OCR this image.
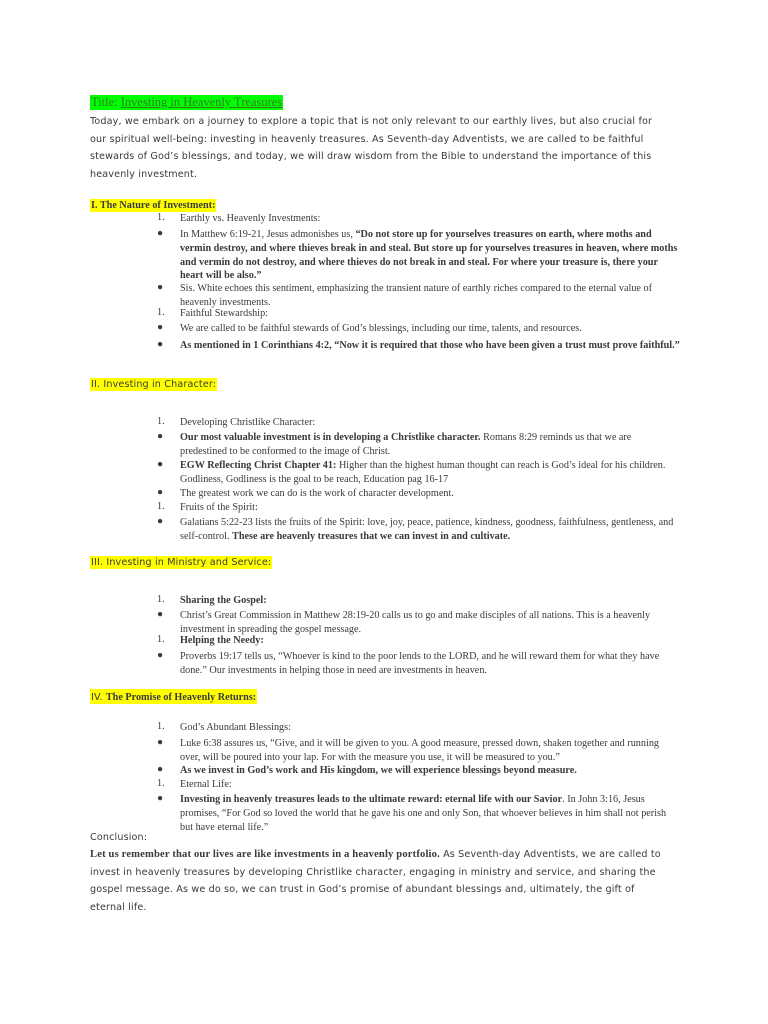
Title: Investing in Heavenly Treasures
Today, we embark on a journey to explore a topic that is not only relevant to our earthly lives, but also crucial for our spiritual well-being: investing in heavenly treasures. As Seventh-day Adventists, we are called to be faithful stewards of God’s blessings, and today, we will draw wisdom from the Bible to understand the importance of this heavenly investment.
I. The Nature of Investment:
1.	Earthly vs. Heavenly Investments:
●	In Matthew 6:19-21, Jesus admonishes us, “Do not store up for yourselves treasures on earth, where moths and vermin destroy, and where thieves break in and steal. But store up for yourselves treasures in heaven, where moths and vermin do not destroy, and where thieves do not break in and steal. For where your treasure is, there your heart will be also.”
●	Sis. White echoes this sentiment, emphasizing the transient nature of earthly riches compared to the eternal value of heavenly investments.
1.	Faithful Stewardship:
●	We are called to be faithful stewards of God’s blessings, including our time, talents, and resources.
●	As mentioned in 1 Corinthians 4:2, “Now it is required that those who have been given a trust must prove faithful.”
II. Investing in Character:
1.	Developing Christlike Character:
●	Our most valuable investment is in developing a Christlike character. Romans 8:29 reminds us that we are predestined to be conformed to the image of Christ.
●	EGW Reflecting Christ Chapter 41: Higher than the highest human thought can reach is God’s ideal for his children. Godliness, Godliness is the goal to be reach, Education pag 16-17
●	The greatest work we can do is the work of character development.
1.	Fruits of the Spirit:
●	Galatians 5:22-23 lists the fruits of the Spirit: love, joy, peace, patience, kindness, goodness, faithfulness, gentleness, and self-control. These are heavenly treasures that we can invest in and cultivate.
III. Investing in Ministry and Service:
1.	Sharing the Gospel:
●	Christ’s Great Commission in Matthew 28:19-20 calls us to go and make disciples of all nations. This is a heavenly investment in spreading the gospel message.
1.	Helping the Needy:
●	Proverbs 19:17 tells us, “Whoever is kind to the poor lends to the LORD, and he will reward them for what they have done.” Our investments in helping those in need are investments in heaven.
IV. The Promise of Heavenly Returns:
1.	God’s Abundant Blessings:
●	Luke 6:38 assures us, “Give, and it will be given to you. A good measure, pressed down, shaken together and running over, will be poured into your lap. For with the measure you use, it will be measured to you.”
●	As we invest in God’s work and His kingdom, we will experience blessings beyond measure.
1.	Eternal Life:
●	Investing in heavenly treasures leads to the ultimate reward: eternal life with our Savior. In John 3:16, Jesus promises, “For God so loved the world that he gave his one and only Son, that whoever believes in him shall not perish but have eternal life.”
Conclusion:
Let us remember that our lives are like investments in a heavenly portfolio. As Seventh-day Adventists, we are called to invest in heavenly treasures by developing Christlike character, engaging in ministry and service, and sharing the gospel message. As we do so, we can trust in God’s promise of abundant blessings and, ultimately, the gift of eternal life.
